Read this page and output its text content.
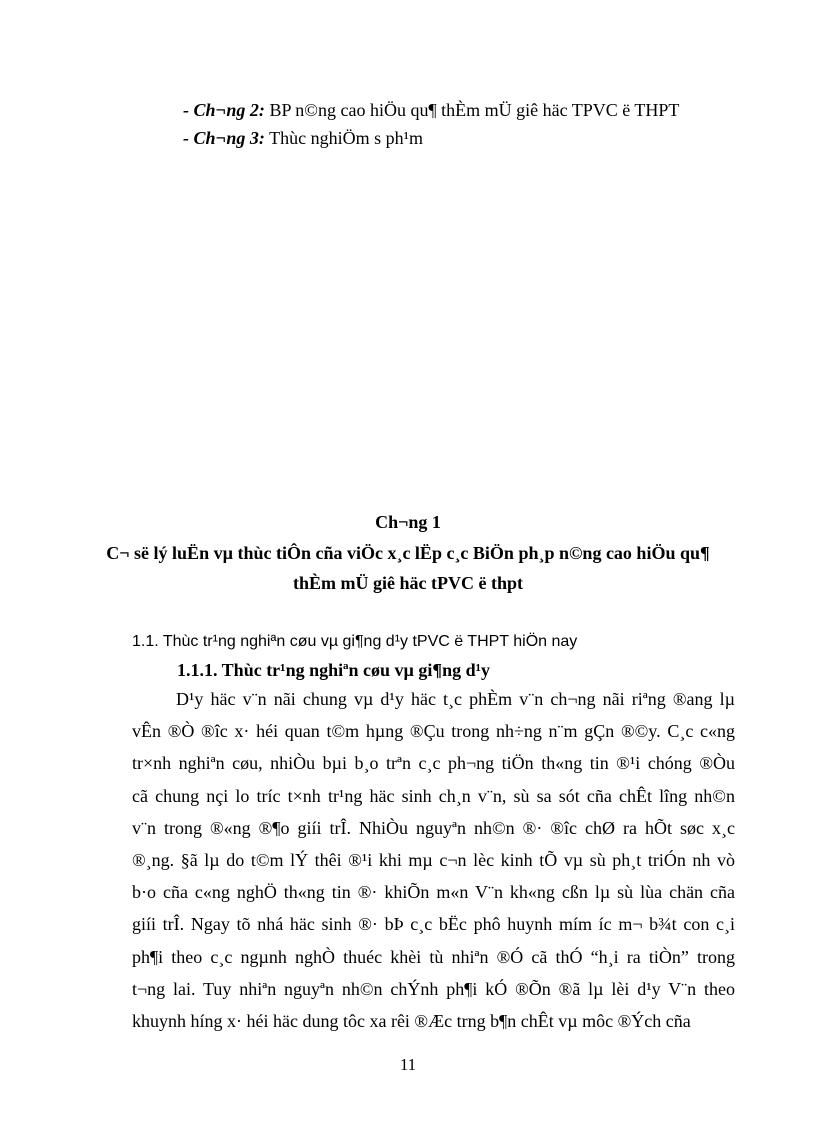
- Ch¬ng 2: BP n©ng cao hiÖu qu¶ thÈm mÜ giê häc TPVC ë THPT
- Ch¬ng 3: Thùc nghiÖm s ph¹m
Ch¬ng 1
C¬ së lý luËn vµ thùc tiÔn cña viÖc x¸c lËp c¸c BiÖn ph¸p n©ng cao hiÖu qu¶
thÈm mÜ giê häc tPVC ë thpt
1.1. Thùc tr¹ng nghiªn cøu vµ gi¶ng d¹y tPVC ë THPT hiÖn nay
1.1.1. Thùc tr¹ng nghiªn cøu vµ gi¶ng d¹y
D¹y häc v¨n nãi chung vµ d¹y häc t¸c phÈm v¨n ch¬ng nãi riªng ®ang lµ
vÊn ®Ò ®îc x· héi quan t©m hµng ®Çu trong nh÷ng n¨m gÇn ®©y. C¸c c«ng
tr×nh nghiªn cøu, nhiÒu bµi b¸o trªn c¸c ph¬ng tiÖn th«ng tin ®¹i chóng ®Òu
cã chung nçi lo tríc t×nh tr¹ng häc sinh ch¸n v¨n, sù sa sót cña chÊt lîng nh©n
v¨n trong ®«ng ®¶o giíi trÎ. NhiÒu nguyªn nh©n ®· ®îc chØ ra hÕt søc x¸c
®¸ng. §ã lµ do t©m lÝ thêi ®¹i khi mµ c¬n lèc kinh tÕ vµ sù ph¸t triÓn nh vò
b·o cña c«ng nghÖ th«ng tin ®· khiÕn m«n V¨n kh«ng cßn lµ sù lùa chän cña
giíi trÎ. Ngay tõ nhá häc sinh ®· bÞ c¸c bËc phô huynh mím íc m¬ b¾t con c¸i
ph¶i theo c¸c ngµnh nghÒ thuéc khèi tù nhiªn ®Ó cã thÓ “h¸i ra tiÒn” trong
t¬ng lai. Tuy nhiªn nguyªn nh©n chÝnh ph¶i kÓ ®Õn ®ã lµ lèi d¹y V¨n theo
khuynh híng x· héi häc dung tôc xa rêi ®Æc trng b¶n chÊt vµ môc ®Ých cña
11
